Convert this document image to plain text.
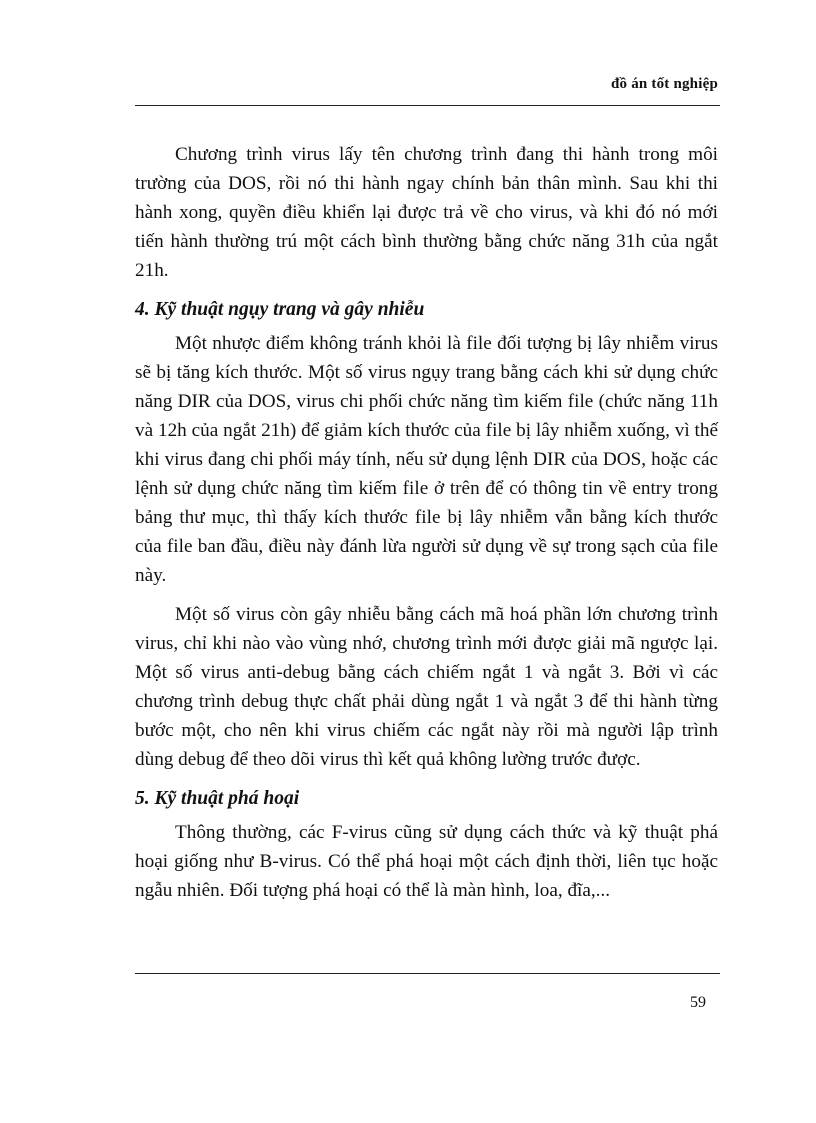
đồ án tốt nghiệp

Chương trình virus lấy tên chương trình đang thi hành trong môi trường của DOS, rồi nó thi hành ngay chính bản thân mình. Sau khi thi hành xong, quyền điều khiển lại được trả về cho virus, và khi đó nó mới tiến hành thường trú một cách bình thường bằng chức năng 31h của ngắt 21h.

4. Kỹ thuật ngụy trang và gây nhiễu

Một nhược điểm không tránh khỏi là file đối tượng bị lây nhiễm virus sẽ bị tăng kích thước. Một số virus ngụy trang bằng cách khi sử dụng chức năng DIR của DOS, virus chi phối chức năng tìm kiếm file (chức năng 11h và 12h của ngắt 21h) để giảm kích thước của file bị lây nhiễm xuống, vì thế khi virus đang chi phối máy tính, nếu sử dụng lệnh DIR của DOS, hoặc các lệnh sử dụng chức năng tìm kiếm file ở trên để có thông tin về entry trong bảng thư mục, thì thấy kích thước file bị lây nhiễm vẫn bằng kích thước của file ban đầu, điều này đánh lừa người sử dụng về sự trong sạch của file này.

Một số virus còn gây nhiễu bằng cách mã hoá phần lớn chương trình virus, chỉ khi nào vào vùng nhớ, chương trình mới được giải mã ngược lại. Một số virus anti-debug bằng cách chiếm ngắt 1 và ngắt 3. Bởi vì các chương trình debug thực chất phải dùng ngắt 1 và ngắt 3 để thi hành từng bước một, cho nên khi virus chiếm các ngắt này rồi mà người lập trình dùng debug để theo dõi virus thì kết quả không lường trước được.

5. Kỹ thuật phá hoại

Thông thường, các F-virus cũng sử dụng cách thức và kỹ thuật phá hoại giống như B-virus. Có thể phá hoại một cách định thời, liên tục hoặc ngẫu nhiên. Đối tượng phá hoại có thể là màn hình, loa, đĩa,...

59
